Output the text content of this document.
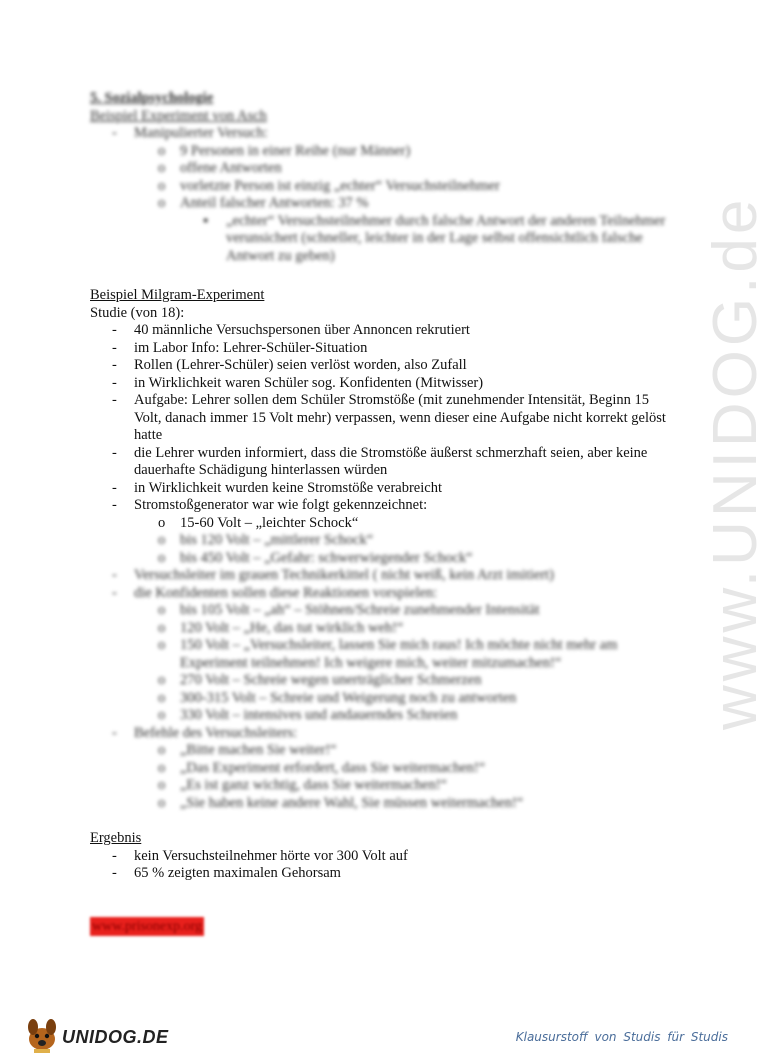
www.UNIDOG.de
5. Sozialpsychologie
Beispiel Experiment von Asch
- Manipulierter Versuch:
o 9 Personen in einer Reihe (nur Männer)
o offene Antworten
o vorletzte Person ist einzig „echter“ Versuchsteilnehmer
o Anteil falscher Antworten: 37 %
▪ „echter“ Versuchsteilnehmer durch falsche Antwort der anderen Teilnehmer verunsichert (schneller, leichter in der Lage selbst offensichtlich falsche Antwort zu geben)
Beispiel Milgram-Experiment
Studie (von 18):
- 40 männliche Versuchspersonen über Annoncen rekrutiert
- im Labor Info: Lehrer-Schüler-Situation
- Rollen (Lehrer-Schüler) seien verlöst worden, also Zufall
- in Wirklichkeit waren Schüler sog. Konfidenten (Mitwisser)
- Aufgabe: Lehrer sollen dem Schüler Stromstöße (mit zunehmender Intensität, Beginn 15 Volt, danach immer 15 Volt mehr) verpassen, wenn dieser eine Aufgabe nicht korrekt gelöst hatte
- die Lehrer wurden informiert, dass die Stromstöße äußerst schmerzhaft seien, aber keine dauerhafte Schädigung hinterlassen würden
- in Wirklichkeit wurden keine Stromstöße verabreicht
- Stromstoßgenerator war wie folgt gekennzeichnet:
o 15-60 Volt – „leichter Schock“
o bis 120 Volt – „mittlerer Schock“
o bis 450 Volt – „Gefahr: schwerwiegender Schock“
- Versuchsleiter im grauen Technikerkittel ( nicht weiß, kein Arzt imitiert)
- die Konfidenten sollen diese Reaktionen vorspielen:
o bis 105 Volt – „ah“ – Stöhnen/Schreie zunehmender Intensität
o 120 Volt – „He, das tut wirklich weh!“
o 150 Volt – „Versuchsleiter, lassen Sie mich raus! Ich möchte nicht mehr am Experiment teilnehmen! Ich weigere mich, weiter mitzumachen!“
o 270 Volt – Schreie wegen unerträglicher Schmerzen
o 300-315 Volt – Schreie und Weigerung noch zu antworten
o 330 Volt – intensives und andauerndes Schreien
- Befehle des Versuchsleiters:
o „Bitte machen Sie weiter!“
o „Das Experiment erfordert, dass Sie weitermachen!“
o „Es ist ganz wichtig, dass Sie weitermachen!“
o „Sie haben keine andere Wahl, Sie müssen weitermachen!“
Ergebnis
- kein Versuchsteilnehmer hörte vor 300 Volt auf
- 65 % zeigten maximalen Gehorsam
www.prisonexp.org
UNIDOG.DE	Klausurstoff von Studis für Studis
